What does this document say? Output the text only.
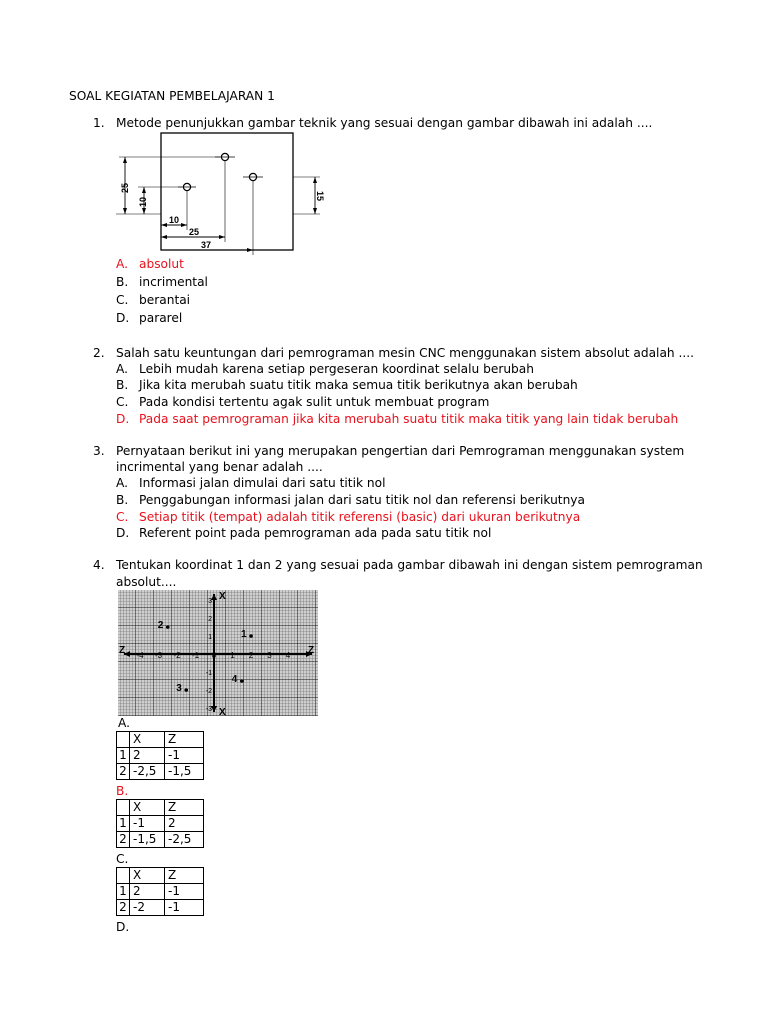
SOAL KEGIATAN PEMBELAJARAN 1
1. Metode penunjukkan gambar teknik yang sesuai dengan gambar dibawah ini adalah ....
25
10
15
10
25
37
A. absolut
B. incrimental
C. berantai
D. pararel
2. Salah satu keuntungan dari pemrograman mesin CNC menggunakan sistem absolut adalah ....
A. Lebih mudah karena setiap pergeseran koordinat selalu berubah
B. Jika kita merubah suatu titik maka semua titik berikutnya akan berubah
C. Pada kondisi tertentu agak sulit untuk membuat program
D. Pada saat pemrograman jika kita merubah suatu titik maka titik yang lain tidak berubah
3. Pernyataan berikut ini yang merupakan pengertian dari Pemrograman menggunakan system
incrimental yang benar adalah ....
A. Informasi jalan dimulai dari satu titik nol
B. Penggabungan informasi jalan dari satu titik nol dan referensi berikutnya
C. Setiap titik (tempat) adalah titik referensi (basic) dari ukuran berikutnya
D. Referent point pada pemrograman ada pada satu titik nol
4. Tentukan koordinat 1 dan 2 yang sesuai pada gambar dibawah ini dengan sistem pemrograman
absolut....
X
X
Z	Z
-4 -3 -2 -1 0 1 2 3 4
3
2
1
-1
-2
-3
1
2
3
4
A.
	X	Z
1	2	-1
2	-2,5	-1,5
B.
	X	Z
1	-1	2
2	-1,5	-2,5
C.
	X	Z
1	2	-1
2	-2	-1
D.
